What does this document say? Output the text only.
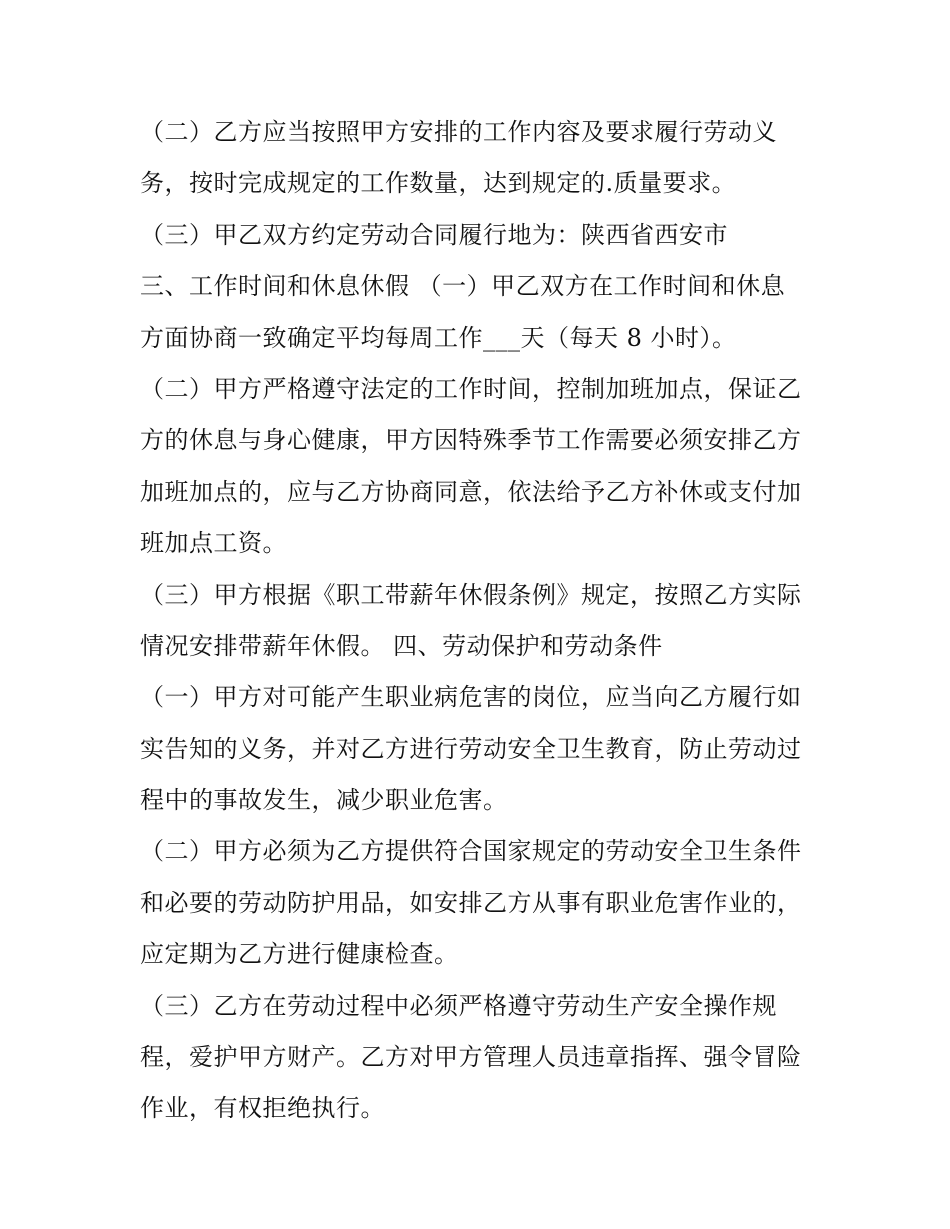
（二）乙方应当按照甲方安排的工作内容及要求履行劳动义
务，按时完成规定的工作数量，达到规定的.质量要求。
（三）甲乙双方约定劳动合同履行地为：陕西省西安市
三、工作时间和休息休假 （一）甲乙双方在工作时间和休息
方面协商一致确定平均每周工作___天（每天 8 小时）。
（二）甲方严格遵守法定的工作时间，控制加班加点，保证乙
方的休息与身心健康，甲方因特殊季节工作需要必须安排乙方
加班加点的，应与乙方协商同意，依法给予乙方补休或支付加
班加点工资。
（三）甲方根据《职工带薪年休假条例》规定，按照乙方实际
情况安排带薪年休假。 四、劳动保护和劳动条件
（一）甲方对可能产生职业病危害的岗位，应当向乙方履行如
实告知的义务，并对乙方进行劳动安全卫生教育，防止劳动过
程中的事故发生，减少职业危害。
（二）甲方必须为乙方提供符合国家规定的劳动安全卫生条件
和必要的劳动防护用品，如安排乙方从事有职业危害作业的，
应定期为乙方进行健康检查。
（三）乙方在劳动过程中必须严格遵守劳动生产安全操作规
程，爱护甲方财产。乙方对甲方管理人员违章指挥、强令冒险
作业，有权拒绝执行。
